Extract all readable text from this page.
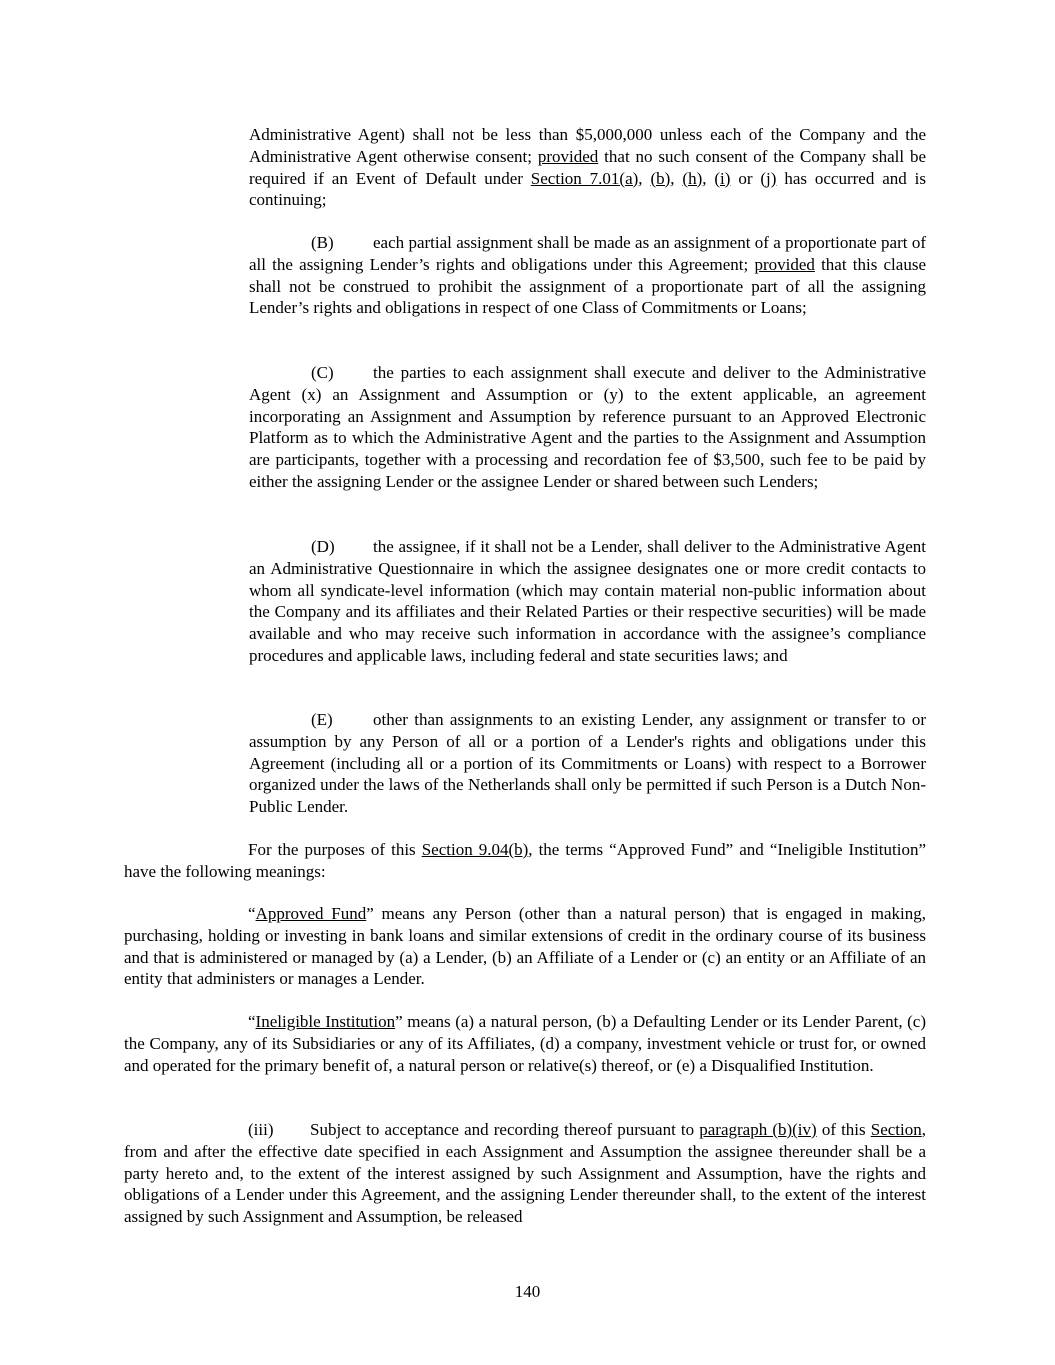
Administrative Agent) shall not be less than $5,000,000 unless each of the Company and the Administrative Agent otherwise consent; provided that no such consent of the Company shall be required if an Event of Default under Section 7.01(a), (b), (h), (i) or (j) has occurred and is continuing;

(B) each partial assignment shall be made as an assignment of a proportionate part of all the assigning Lender’s rights and obligations under this Agreement; provided that this clause shall not be construed to prohibit the assignment of a proportionate part of all the assigning Lender’s rights and obligations in respect of one Class of Commitments or Loans;

(C) the parties to each assignment shall execute and deliver to the Administrative Agent (x) an Assignment and Assumption or (y) to the extent applicable, an agreement incorporating an Assignment and Assumption by reference pursuant to an Approved Electronic Platform as to which the Administrative Agent and the parties to the Assignment and Assumption are participants, together with a processing and recordation fee of $3,500, such fee to be paid by either the assigning Lender or the assignee Lender or shared between such Lenders;

(D) the assignee, if it shall not be a Lender, shall deliver to the Administrative Agent an Administrative Questionnaire in which the assignee designates one or more credit contacts to whom all syndicate-level information (which may contain material non-public information about the Company and its affiliates and their Related Parties or their respective securities) will be made available and who may receive such information in accordance with the assignee’s compliance procedures and applicable laws, including federal and state securities laws; and

(E) other than assignments to an existing Lender, any assignment or transfer to or assumption by any Person of all or a portion of a Lender's rights and obligations under this Agreement (including all or a portion of its Commitments or Loans) with respect to a Borrower organized under the laws of the Netherlands shall only be permitted if such Person is a Dutch Non-Public Lender.

For the purposes of this Section 9.04(b), the terms “Approved Fund” and “Ineligible Institution” have the following meanings:

“Approved Fund” means any Person (other than a natural person) that is engaged in making, purchasing, holding or investing in bank loans and similar extensions of credit in the ordinary course of its business and that is administered or managed by (a) a Lender, (b) an Affiliate of a Lender or (c) an entity or an Affiliate of an entity that administers or manages a Lender.

“Ineligible Institution” means (a) a natural person, (b) a Defaulting Lender or its Lender Parent, (c) the Company, any of its Subsidiaries or any of its Affiliates, (d) a company, investment vehicle or trust for, or owned and operated for the primary benefit of, a natural person or relative(s) thereof, or (e) a Disqualified Institution.

(iii) Subject to acceptance and recording thereof pursuant to paragraph (b)(iv) of this Section, from and after the effective date specified in each Assignment and Assumption the assignee thereunder shall be a party hereto and, to the extent of the interest assigned by such Assignment and Assumption, have the rights and obligations of a Lender under this Agreement, and the assigning Lender thereunder shall, to the extent of the interest assigned by such Assignment and Assumption, be released

140
